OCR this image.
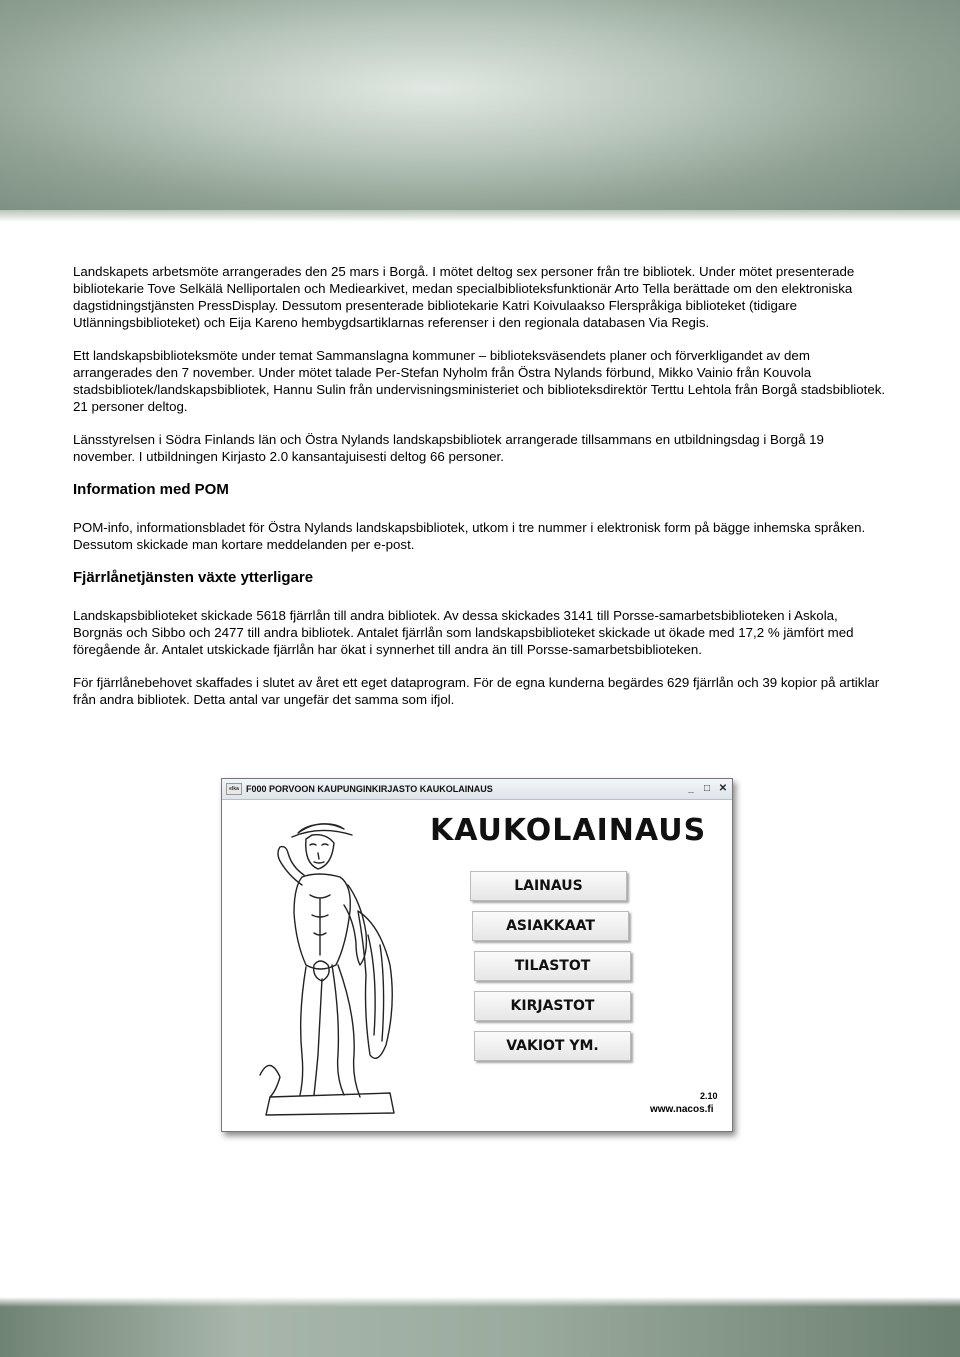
Landskapets arbetsmöte arrangerades den 25 mars i Borgå. I mötet deltog sex personer från tre bibliotek. Under mötet presenterade bibliotekarie Tove Selkälä Nelliportalen och Mediearkivet, medan specialbiblioteksfunktionär Arto Tella berättade om den elektroniska dagstidningstjänsten PressDisplay. Dessutom presenterade bibliotekarie Katri Koivulaakso Flerspråkiga biblioteket (tidigare Utlänningsbiblioteket) och Eija Kareno hembygdsartiklarnas referenser i den regionala databasen Via Regis.

Ett landskapsbiblioteksmöte under temat Sammanslagna kommuner – biblioteksväsendets planer och förverkligandet av dem arrangerades den 7 november. Under mötet talade Per-Stefan Nyholm från Östra Nylands förbund, Mikko Vainio från Kouvola stadsbibliotek/landskapsbibliotek, Hannu Sulin från undervisningsministeriet och biblioteksdirektör Terttu Lehtola från Borgå stadsbibliotek. 21 personer deltog.

Länsstyrelsen i Södra Finlands län och Östra Nylands landskapsbibliotek arrangerade tillsammans en utbildningsdag i Borgå 19 november. I utbildningen Kirjasto 2.0 kansantajuisesti deltog 66 personer.

Information med POM

POM-info, informationsbladet för Östra Nylands landskapsbibliotek, utkom i tre nummer i elektronisk form på bägge inhemska språken. Dessutom skickade man kortare meddelanden per e-post.

Fjärrlånetjänsten växte ytterligare

Landskapsbiblioteket skickade 5618 fjärrlån till andra bibliotek. Av dessa skickades 3141 till Porsse-samarbetsbiblioteken i Askola, Borgnäs och Sibbo och 2477 till andra bibliotek. Antalet fjärrlån som landskapsbiblioteket skickade ut ökade med 17,2 % jämfört med föregående år. Antalet utskickade fjärrlån har ökat i synnerhet till andra än till Porsse-samarbetsbiblioteken.

För fjärrlånebehovet skaffades i slutet av året ett eget dataprogram. För de egna kunderna begärdes 629 fjärrlån och 39 kopior på artiklar från andra bibliotek. Detta antal var ungefär det samma som ifjol.

elka F000 PORVOON KAUPUNGINKIRJASTO KAUKOLAINAUS	_	□ ✕
KAUKOLAINAUS
LAINAUS
ASIAKKAAT
TILASTOT
KIRJASTOT
VAKIOT YM.
2.10
www.nacos.fi
